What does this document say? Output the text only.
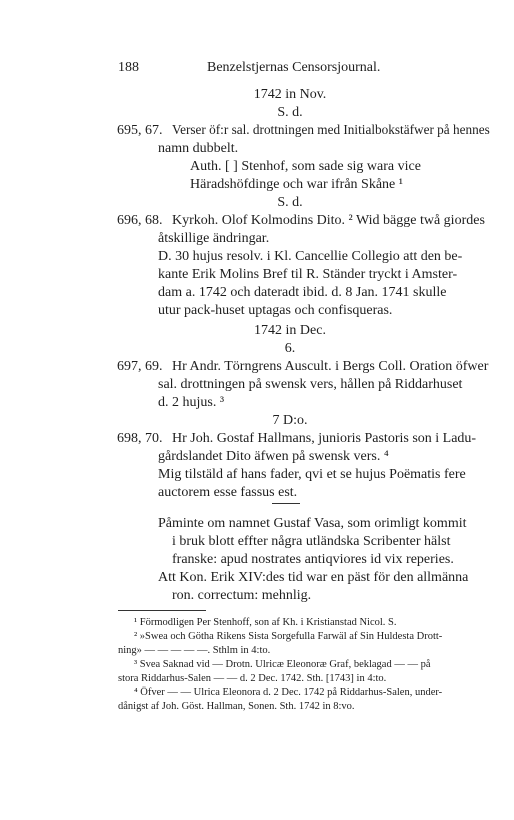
188	Benzelstjernas Censorsjournal.
1742 in Nov.
S. d.
695, 67. Verser öf:r sal. drottningen med Initialbokstäfwer på hennes
namn dubbelt.
Auth. [ ] Stenhof, som sade sig wara vice
Häradshöfdinge och war ifrån Skåne ¹
S. d.
696, 68. Kyrkoh. Olof Kolmodins Dito. ² Wid bägge twå giordes
åtskillige ändringar.
D. 30 hujus resolv. i Kl. Cancellie Collegio att den be-
kante Erik Molins Bref til R. Ständer tryckt i Amster-
dam a. 1742 och dateradt ibid. d. 8 Jan. 1741 skulle
utur pack-huset uptagas och confisqueras.
1742 in Dec.
6.
697, 69. Hr Andr. Törngrens Auscult. i Bergs Coll. Oration öfwer
sal. drottningen på swensk vers, hållen på Riddarhuset
d. 2 hujus. ³
7 D:o.
698, 70. Hr Joh. Gostaf Hallmans, junioris Pastoris son i Ladu-
gårdslandet Dito äfwen på swensk vers. ⁴
Mig tilstäld af hans fader, qvi et se hujus Poëmatis fere
auctorem esse fassus est.
Påminte om namnet Gustaf Vasa, som orimligt kommit
i bruk blott effter några utländska Scribenter hälst
franske: apud nostrates antiqviores id vix reperies.
Att Kon. Erik XIV:des tid war en päst för den allmänna
ron. correctum: mehnlig.
¹ Förmodligen Per Stenhoff, son af Kh. i Kristianstad Nicol. S.
² »Swea och Götha Rikens Sista Sorgefulla Farwäl af Sin Huldesta Drott-
ning» — — — — —. Sthlm in 4:to.
³ Svea Saknad vid — Drotn. Ulricæ Eleonoræ Graf, beklagad — — på
stora Riddarhus-Salen — — d. 2 Dec. 1742. Sth. [1743] in 4:to.
⁴ Öfver — — Ulrica Eleonora d. 2 Dec. 1742 på Riddarhus-Salen, under-
dånigst af Joh. Göst. Hallman, Sonen. Sth. 1742 in 8:vo.
